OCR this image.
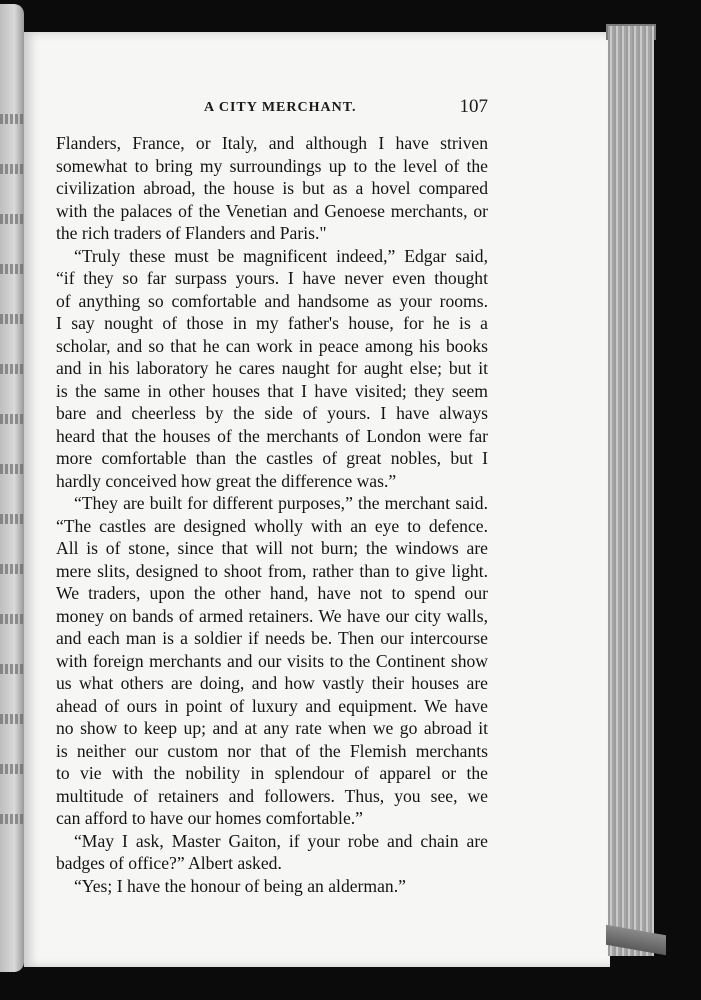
A CITY MERCHANT.	107
Flanders, France, or Italy, and although I have striven
somewhat to bring my surroundings up to the level of the
civilization abroad, the house is but as a hovel compared
with the palaces of the Venetian and Genoese merchants, or
the rich traders of Flanders and Paris."
“Truly these must be magnificent indeed,” Edgar said,
“if they so far surpass yours. I have never even thought
of anything so comfortable and handsome as your rooms.
I say nought of those in my father's house, for he is a
scholar, and so that he can work in peace among his books
and in his laboratory he cares naught for aught else; but it
is the same in other houses that I have visited; they seem
bare and cheerless by the side of yours. I have always
heard that the houses of the merchants of London were far
more comfortable than the castles of great nobles, but I
hardly conceived how great the difference was.”
“They are built for different purposes,” the merchant said.
“The castles are designed wholly with an eye to defence.
All is of stone, since that will not burn; the windows are
mere slits, designed to shoot from, rather than to give light.
We traders, upon the other hand, have not to spend our
money on bands of armed retainers. We have our city walls,
and each man is a soldier if needs be. Then our intercourse
with foreign merchants and our visits to the Continent show
us what others are doing, and how vastly their houses are
ahead of ours in point of luxury and equipment. We have
no show to keep up; and at any rate when we go abroad it
is neither our custom nor that of the Flemish merchants
to vie with the nobility in splendour of apparel or the
multitude of retainers and followers. Thus, you see, we
can afford to have our homes comfortable.”
“May I ask, Master Gaiton, if your robe and chain are
badges of office?” Albert asked.
“Yes; I have the honour of being an alderman.”
